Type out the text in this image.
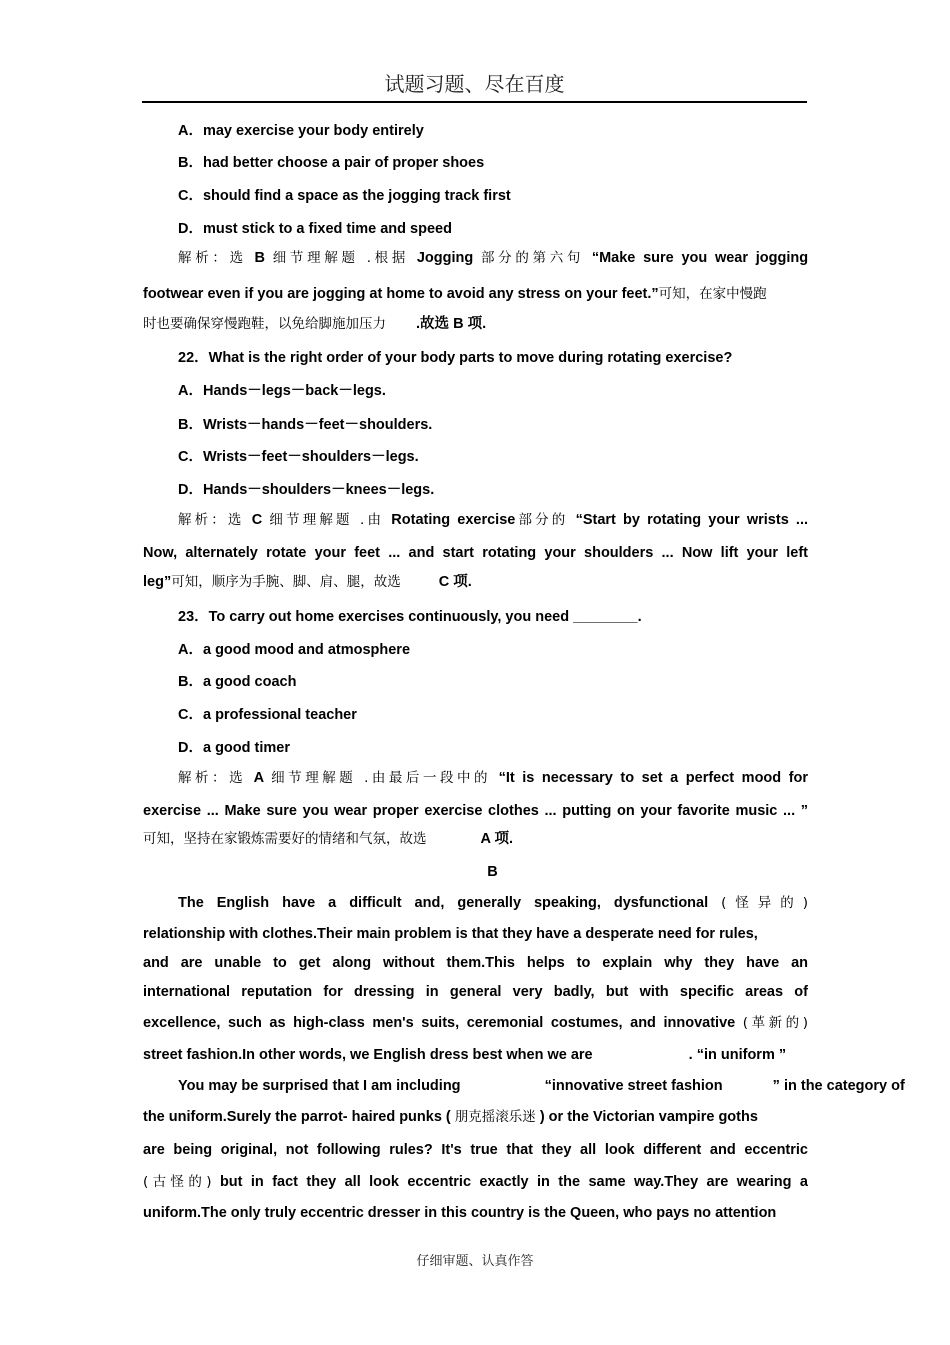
试题习题、尽在百度
A．may exercise your body entirely
B．had better choose a pair of proper shoes
C．should find a space as the jogging track first
D．must stick to a fixed time and speed
解析：选 B 细节理解题 .根据 Jogging 部分的第六句 “Make sure you wear jogging
footwear even if you are jogging at home to avoid any stress on your feet.”可知，在家中慢跑
时也要确保穿慢跑鞋，以免给脚施加压力 .故选 B 项.
22．What is the right order of your body parts to move during rotating exercise?
A．Hands－legs－back－legs.
B．Wrists－hands－feet－shoulders.
C．Wrists－feet－shoulders－legs.
D．Hands－shoulders－knees－legs.
解析：选 C 细节理解题 .由 Rotating exercise部分的 “Start by rotating your wrists ...
Now, alternately rotate your feet ... and start rotating your shoulders ... Now lift your left
leg”可知，顺序为手腕、脚、肩、腿，故选	C 项.
23．To carry out home exercises continuously, you need ________.
A．a good mood and atmosphere
B．a good coach
C．a professional teacher
D．a good timer
解析：选 A 细节理解题 .由最后一段中的 “It is necessary to set a perfect mood for
exercise ... Make sure you wear proper exercise clothes ... putting on your favorite music ... ”
可知，坚持在家锻炼需要好的情绪和气氛，故选	A 项.
B
The English have a difficult and, generally speaking, dysfunctional (怪异的)
relationship with clothes.Their main problem is that they have a desperate need for rules,
and are unable to get along without them.This helps to explain why they have an
international reputation for dressing in general very badly, but with specific areas of
excellence, such as high-class men's suits, ceremonial costumes, and innovative (革新的)
street fashion.In other words, we English dress best when we are	. “in uniform ”
You may be surprised that I am including	“innovative street fashion	” in the category of
the uniform.Surely the parrot- haired punks ( 朋克摇滚乐迷 ) or the Victorian vampire goths
are being original, not following rules? It's true that they all look different and eccentric
(古怪的) but in fact they all look eccentric exactly in the same way.They are wearing a
uniform.The only truly eccentric dresser in this country is the Queen, who pays no attention
仔细审题、认真作答
